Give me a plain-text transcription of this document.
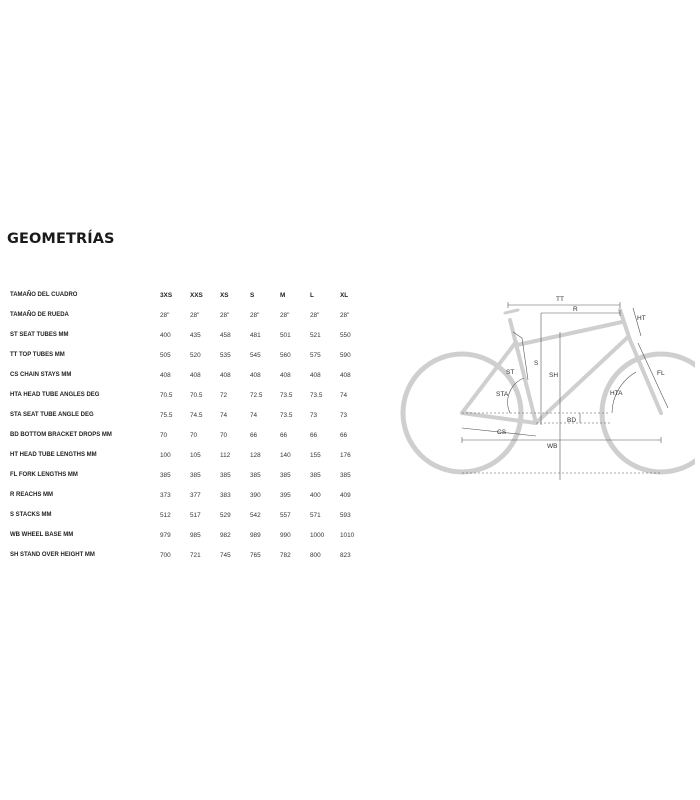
GEOMETRÍAS
TAMAÑO DEL CUADRO	3XS	XXS	XS	S	M	L	XL
TAMAÑO DE RUEDA	28"	28"	28"	28"	28"	28"	28"
ST SEAT TUBES MM	400	435	458	481	501	521	550
TT TOP TUBES MM	505	520	535	545	560	575	590
CS CHAIN STAYS MM	408	408	408	408	408	408	408
HTA HEAD TUBE ANGLES DEG	70.5	70.5	72	72.5	73.5	73.5	74
STA SEAT TUBE ANGLE DEG	75.5	74.5	74	74	73.5	73	73
BD BOTTOM BRACKET DROPS MM	70	70	70	66	66	66	66
HT HEAD TUBE LENGTHS MM	100	105	112	128	140	155	176
FL FORK LENGTHS MM	385	385	385	385	385	385	385
R REACHS MM	373	377	383	390	395	400	409
S STACKS MM	512	517	529	542	557	571	593
WB WHEEL BASE MM	979	985	982	989	990	1000	1010
SH STAND OVER HEIGHT MM	700	721	745	765	782	800	823
TT
R
HT
FL
HTA
ST
S
SH
STA
BD
CS
WB
